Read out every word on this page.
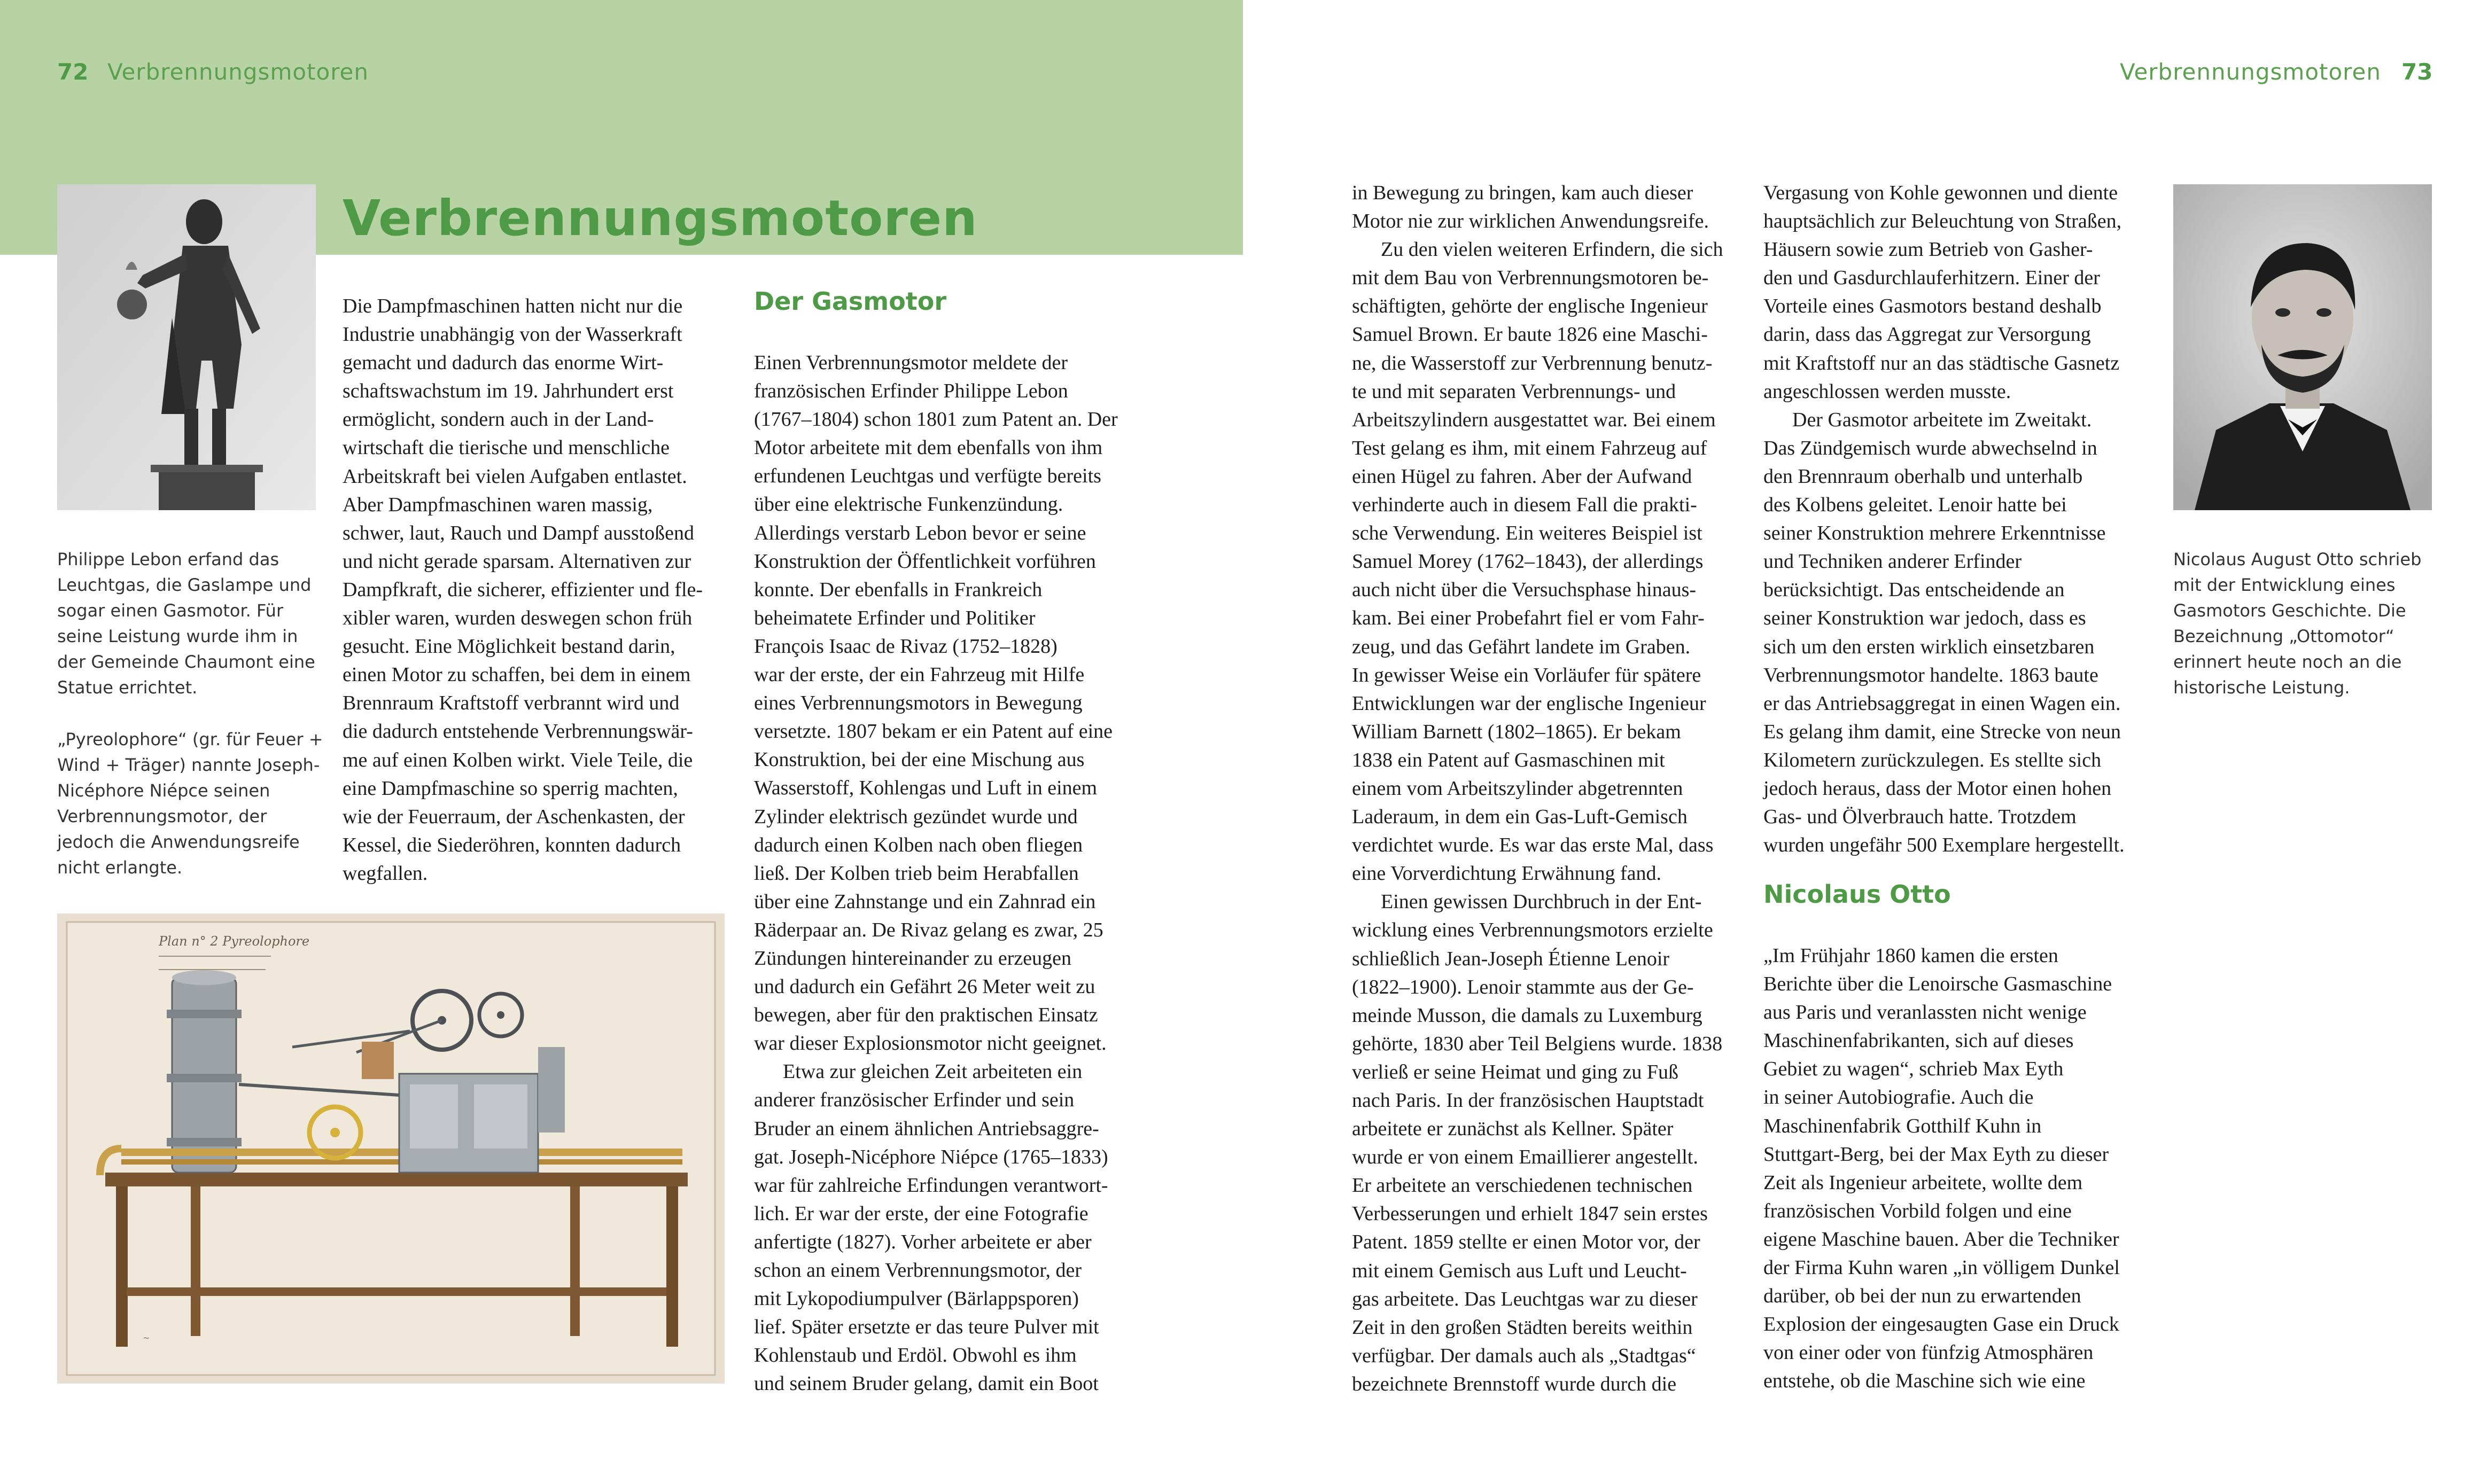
72 Verbrennungsmotoren	Verbrennungsmotoren 73
Verbrennungsmotoren

Philippe Lebon erfand das

Leuchtgas, die Gaslampe und

sogar einen Gasmotor. Für

seine Leistung wurde ihm in

der Gemeinde Chaumont eine

Statue errichtet.

„Pyreolophore“ (gr. für Feuer +

Wind + Träger) nannte Joseph-

Nicéphore Niépce seinen

Verbrennungsmotor, der

jedoch die Anwendungsreife

nicht erlangte.

Plan n° 2 Pyreolophore
~

Die Dampfmaschinen hatten nicht nur die

Industrie unabhängig von der Wasserkraft

gemacht und dadurch das enorme Wirt-

schaftswachstum im 19. Jahrhundert erst

ermöglicht, sondern auch in der Land-

wirtschaft die tierische und menschliche

Arbeitskraft bei vielen Aufgaben entlastet.

Aber Dampfmaschinen waren massig,

schwer, laut, Rauch und Dampf ausstoßend

und nicht gerade sparsam. Alternativen zur

Dampfkraft, die sicherer, effizienter und fle-

xibler waren, wurden deswegen schon früh

gesucht. Eine Möglichkeit bestand darin,

einen Motor zu schaffen, bei dem in einem

Brennraum Kraftstoff verbrannt wird und

die dadurch entstehende Verbrennungswär-

me auf einen Kolben wirkt. Viele Teile, die

eine Dampfmaschine so sperrig machten,

wie der Feuerraum, der Aschenkasten, der

Kessel, die Siederöhren, konnten dadurch

wegfallen.

Der Gasmotor

Einen Verbrennungsmotor meldete der

französischen Erfinder Philippe Lebon

(1767–1804) schon 1801 zum Patent an. Der

Motor arbeitete mit dem ebenfalls von ihm

erfundenen Leuchtgas und verfügte bereits

über eine elektrische Funkenzündung.

Allerdings verstarb Lebon bevor er seine

Konstruktion der Öffentlichkeit vorführen

konnte. Der ebenfalls in Frankreich

beheimatete Erfinder und Politiker

François Isaac de Rivaz (1752–1828)

war der erste, der ein Fahrzeug mit Hilfe

eines Verbrennungsmotors in Bewegung

versetzte. 1807 bekam er ein Patent auf eine

Konstruktion, bei der eine Mischung aus

Wasserstoff, Kohlengas und Luft in einem

Zylinder elektrisch gezündet wurde und

dadurch einen Kolben nach oben fliegen

ließ. Der Kolben trieb beim Herabfallen

über eine Zahnstange und ein Zahnrad ein

Räderpaar an. De Rivaz gelang es zwar, 25

Zündungen hintereinander zu erzeugen

und dadurch ein Gefährt 26 Meter weit zu

bewegen, aber für den praktischen Einsatz

war dieser Explosionsmotor nicht geeignet.

Etwa zur gleichen Zeit arbeiteten ein

anderer französischer Erfinder und sein

Bruder an einem ähnlichen Antriebsaggre-

gat. Joseph-Nicéphore Niépce (1765–1833)

war für zahlreiche Erfindungen verantwort-

lich. Er war der erste, der eine Fotografie

anfertigte (1827). Vorher arbeitete er aber

schon an einem Verbrennungsmotor, der

mit Lykopodiumpulver (Bärlappsporen)

lief. Später ersetzte er das teure Pulver mit

Kohlenstaub und Erdöl. Obwohl es ihm

und seinem Bruder gelang, damit ein Boot

in Bewegung zu bringen, kam auch dieser

Motor nie zur wirklichen Anwendungsreife.

Zu den vielen weiteren Erfindern, die sich

mit dem Bau von Verbrennungsmotoren be-

schäftigten, gehörte der englische Ingenieur

Samuel Brown. Er baute 1826 eine Maschi-

ne, die Wasserstoff zur Verbrennung benutz-

te und mit separaten Verbrennungs- und

Arbeitszylindern ausgestattet war. Bei einem

Test gelang es ihm, mit einem Fahrzeug auf

einen Hügel zu fahren. Aber der Aufwand

verhinderte auch in diesem Fall die prakti-

sche Verwendung. Ein weiteres Beispiel ist

Samuel Morey (1762–1843), der allerdings

auch nicht über die Versuchsphase hinaus-

kam. Bei einer Probefahrt fiel er vom Fahr-

zeug, und das Gefährt landete im Graben.

In gewisser Weise ein Vorläufer für spätere

Entwicklungen war der englische Ingenieur

William Barnett (1802–1865). Er bekam

1838 ein Patent auf Gasmaschinen mit

einem vom Arbeitszylinder abgetrennten

Laderaum, in dem ein Gas-Luft-Gemisch

verdichtet wurde. Es war das erste Mal, dass

eine Vorverdichtung Erwähnung fand.

Einen gewissen Durchbruch in der Ent-

wicklung eines Verbrennungsmotors erzielte

schließlich Jean-Joseph Étienne Lenoir

(1822–1900). Lenoir stammte aus der Ge-

meinde Musson, die damals zu Luxemburg

gehörte, 1830 aber Teil Belgiens wurde. 1838

verließ er seine Heimat und ging zu Fuß

nach Paris. In der französischen Hauptstadt

arbeitete er zunächst als Kellner. Später

wurde er von einem Emaillierer angestellt.

Er arbeitete an verschiedenen technischen

Verbesserungen und erhielt 1847 sein erstes

Patent. 1859 stellte er einen Motor vor, der

mit einem Gemisch aus Luft und Leucht-

gas arbeitete. Das Leuchtgas war zu dieser

Zeit in den großen Städten bereits weithin

verfügbar. Der damals auch als „Stadtgas“

bezeichnete Brennstoff wurde durch die

Vergasung von Kohle gewonnen und diente

hauptsächlich zur Beleuchtung von Straßen,

Häusern sowie zum Betrieb von Gasher-

den und Gasdurchlauferhitzern. Einer der

Vorteile eines Gasmotors bestand deshalb

darin, dass das Aggregat zur Versorgung

mit Kraftstoff nur an das städtische Gasnetz

angeschlossen werden musste.

Der Gasmotor arbeitete im Zweitakt.

Das Zündgemisch wurde abwechselnd in

den Brennraum oberhalb und unterhalb

des Kolbens geleitet. Lenoir hatte bei

seiner Konstruktion mehrere Erkenntnisse

und Techniken anderer Erfinder

berücksichtigt. Das entscheidende an

seiner Konstruktion war jedoch, dass es

sich um den ersten wirklich einsetzbaren

Verbrennungsmotor handelte. 1863 baute

er das Antriebsaggregat in einen Wagen ein.

Es gelang ihm damit, eine Strecke von neun

Kilometern zurückzulegen. Es stellte sich

jedoch heraus, dass der Motor einen hohen

Gas- und Ölverbrauch hatte. Trotzdem

wurden ungefähr 500 Exemplare hergestellt.

Nicolaus Otto

„Im Frühjahr 1860 kamen die ersten

Berichte über die Lenoirsche Gasmaschine

aus Paris und veranlassten nicht wenige

Maschinenfabrikanten, sich auf dieses

Gebiet zu wagen“, schrieb Max Eyth

in seiner Autobiografie. Auch die

Maschinenfabrik Gotthilf Kuhn in

Stuttgart-Berg, bei der Max Eyth zu dieser

Zeit als Ingenieur arbeitete, wollte dem

französischen Vorbild folgen und eine

eigene Maschine bauen. Aber die Techniker

der Firma Kuhn waren „in völligem Dunkel

darüber, ob bei der nun zu erwartenden

Explosion der eingesaugten Gase ein Druck

von einer oder von fünfzig Atmosphären

entstehe, ob die Maschine sich wie eine

Nicolaus August Otto schrieb

mit der Entwicklung eines

Gasmotors Geschichte. Die

Bezeichnung „Ottomotor“

erinnert heute noch an die

historische Leistung.
